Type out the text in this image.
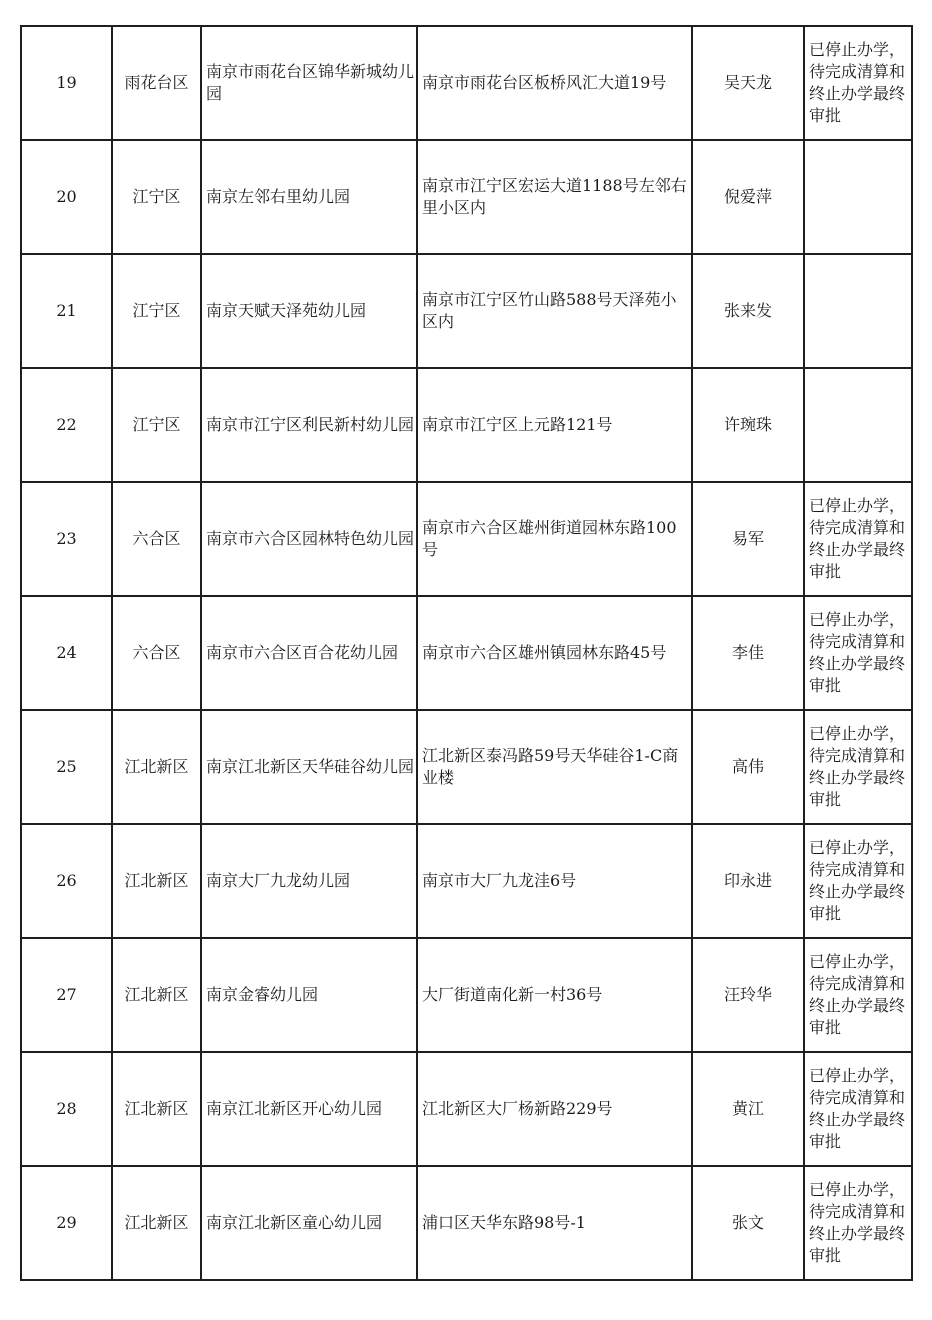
19	雨花台区	南京市雨花台区锦华新城幼儿园	南京市雨花台区板桥风汇大道19号	吴天龙	已停止办学，待完成清算和终止办学最终审批

20	江宁区	南京左邻右里幼儿园	南京市江宁区宏运大道1188号左邻右里小区内	倪爱萍	

21	江宁区	南京天赋天泽苑幼儿园	南京市江宁区竹山路588号天泽苑小区内	张来发	

22	江宁区	南京市江宁区利民新村幼儿园	南京市江宁区上元路121号	许琬珠	

23	六合区	南京市六合区园林特色幼儿园	南京市六合区雄州街道园林东路100号	易军	已停止办学，待完成清算和终止办学最终审批

24	六合区	南京市六合区百合花幼儿园	南京市六合区雄州镇园林东路45号	李佳	已停止办学，待完成清算和终止办学最终审批

25	江北新区	南京江北新区天华硅谷幼儿园	江北新区泰冯路59号天华硅谷1-C商业楼	高伟	已停止办学，待完成清算和终止办学最终审批

26	江北新区	南京大厂九龙幼儿园	南京市大厂九龙洼6号	印永进	已停止办学，待完成清算和终止办学最终审批

27	江北新区	南京金睿幼儿园	大厂街道南化新一村36号	汪玲华	已停止办学，待完成清算和终止办学最终审批

28	江北新区	南京江北新区开心幼儿园	江北新区大厂杨新路229号	黄江	已停止办学，待完成清算和终止办学最终审批

29	江北新区	南京江北新区童心幼儿园	浦口区天华东路98号-1	张文	已停止办学，待完成清算和终止办学最终审批
